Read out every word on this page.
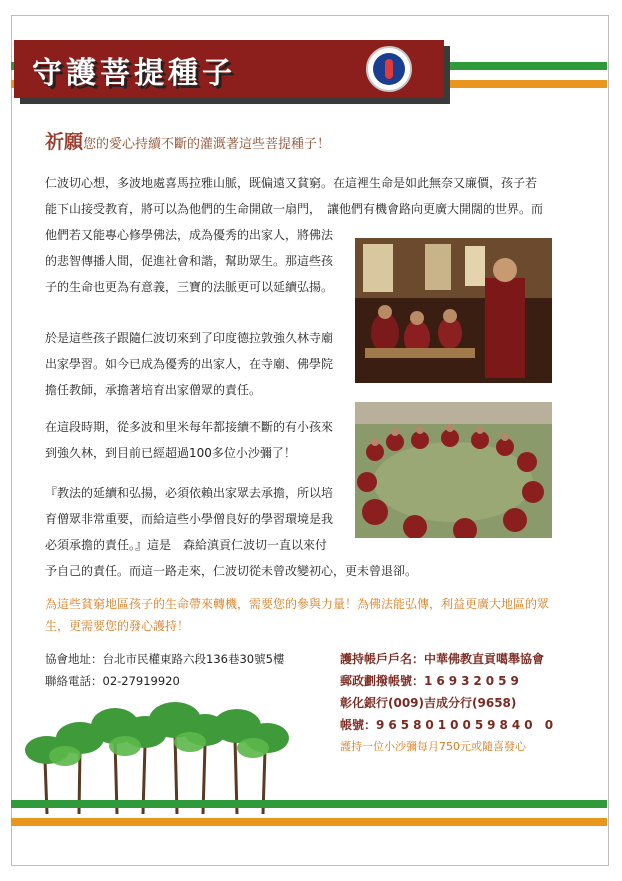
守護菩提種子
祈願您的愛心持續不斷的灌溉著這些菩提種子！
仁波切心想，多波地處喜馬拉雅山脈，既偏遠又貧窮。在這裡生命是如此無奈又廉價，孩子若
能下山接受教育，將可以為他們的生命開啟一扇門，　讓他們有機會路向更廣大開闊的世界。而
他們若又能專心修學佛法，成為優秀的出家人，將佛法
的悲智傳播人間，促進社會和諧，幫助眾生。那這些孩
子的生命也更為有意義，三寶的法脈更可以延續弘揚。
於是這些孩子跟隨仁波切來到了印度德拉敦強久林寺廟
出家學習。如今已成為優秀的出家人，在寺廟、佛學院
擔任教師，承擔著培育出家僧眾的責任。
在這段時期，從多波和里米每年都接續不斷的有小孩來
到強久林，到目前已經超過100多位小沙彌了！
『教法的延續和弘揚，必須依賴出家眾去承擔，所以培
育僧眾非常重要，而給這些小學僧良好的學習環境是我
必須承擔的責任。』這是　森給滇貢仁波切一直以來付
予自己的責任。而這一路走來，仁波切從未曾改變初心，更未曾退卻。
為這些貧窮地區孩子的生命帶來轉機，需要您的參與力量！為佛法能弘傳，利益更廣大地區的眾
生，更需要您的發心護持！
協會地址：台北市民權東路六段136巷30號5樓
聯絡電話：02-27919920
護持帳戶戶名：中華佛教直貢噶舉協會
郵政劃撥帳號：16932059
彰化銀行(009)吉成分行(9658)
帳號：9658010059840 0
護持一位小沙彌每月750元或隨喜發心
